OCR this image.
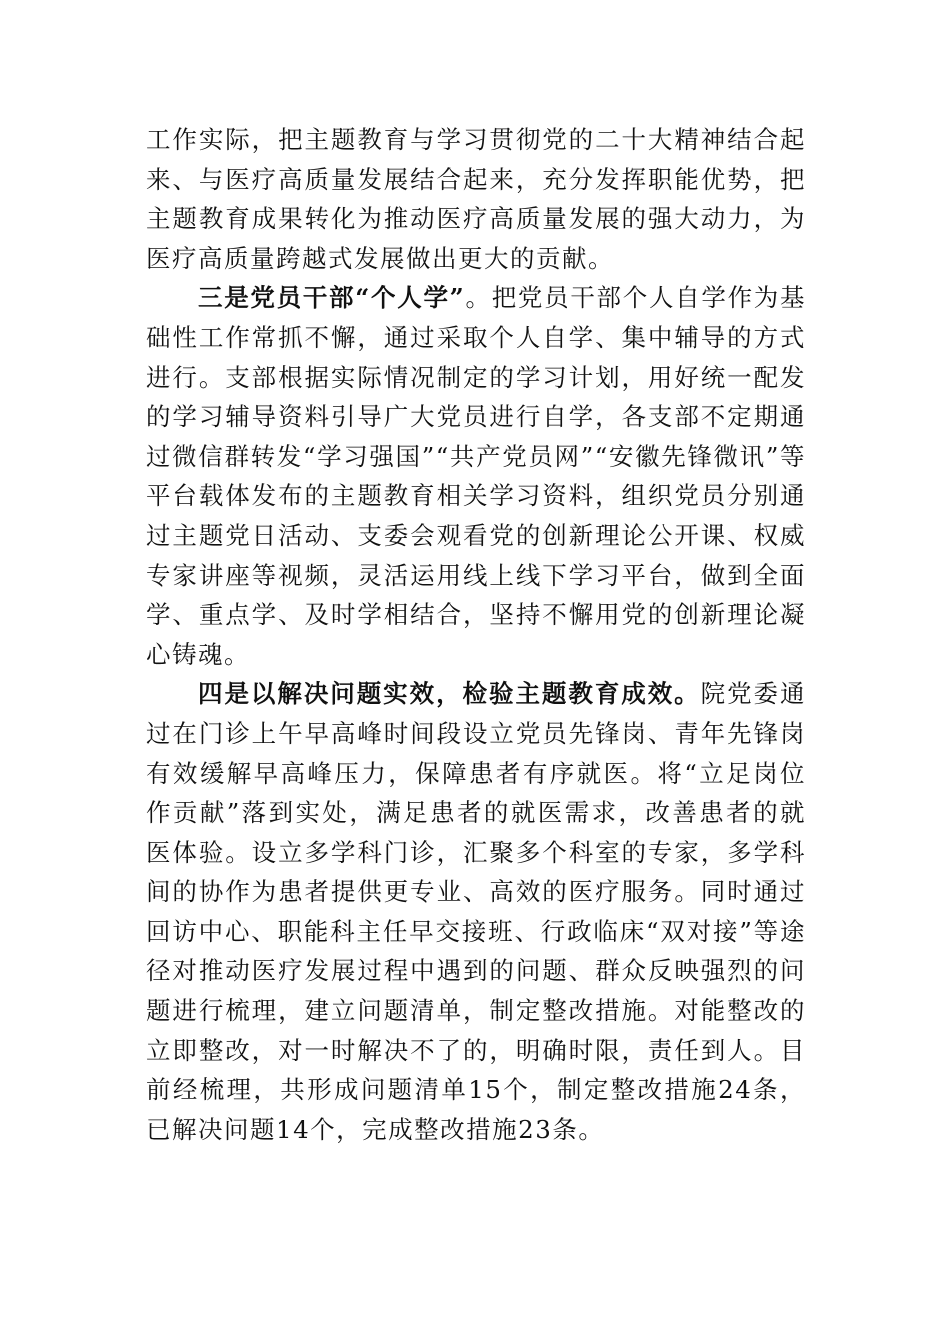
工作实际，把主题教育与学习贯彻党的二十大精神结合起来、与医疗高质量发展结合起来，充分发挥职能优势，把主题教育成果转化为推动医疗高质量发展的强大动力，为医疗高质量跨越式发展做出更大的贡献。

三是党员干部“个人学”。把党员干部个人自学作为基础性工作常抓不懈，通过采取个人自学、集中辅导的方式进行。支部根据实际情况制定的学习计划，用好统一配发的学习辅导资料引导广大党员进行自学，各支部不定期通过微信群转发“学习强国”“共产党员网”“安徽先锋微讯”等平台载体发布的主题教育相关学习资料，组织党员分别通过主题党日活动、支委会观看党的创新理论公开课、权威专家讲座等视频，灵活运用线上线下学习平台，做到全面学、重点学、及时学相结合，坚持不懈用党的创新理论凝心铸魂。

四是以解决问题实效，检验主题教育成效。院党委通过在门诊上午早高峰时间段设立党员先锋岗、青年先锋岗有效缓解早高峰压力，保障患者有序就医。将“立足岗位作贡献”落到实处，满足患者的就医需求，改善患者的就医体验。设立多学科门诊，汇聚多个科室的专家，多学科间的协作为患者提供更专业、高效的医疗服务。同时通过回访中心、职能科主任早交接班、行政临床“双对接”等途径对推动医疗发展过程中遇到的问题、群众反映强烈的问题进行梳理，建立问题清单，制定整改措施。对能整改的立即整改，对一时解决不了的，明确时限，责任到人。目前经梳理，共形成问题清单15个，制定整改措施24条，已解决问题14个，完成整改措施23条。
